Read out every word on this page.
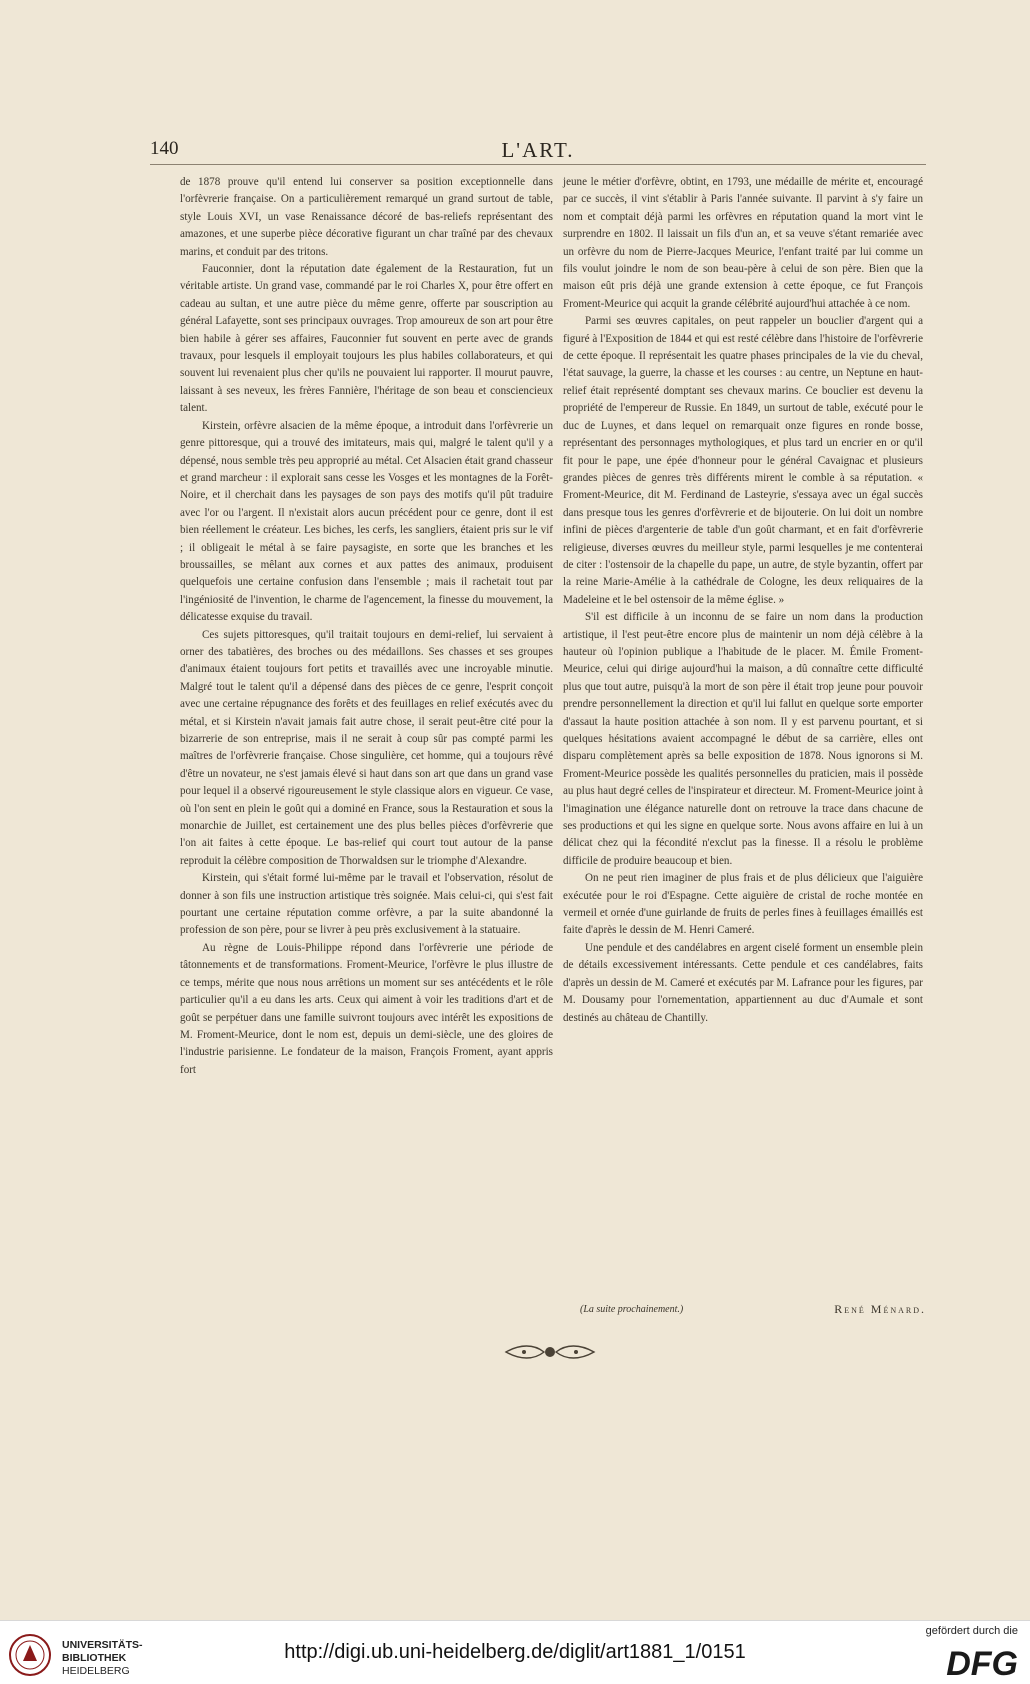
140	L'ART.

de 1878 prouve qu'il entend lui conserver sa position exceptionnelle dans l'orfèvrerie française. On a particulièrement remarqué un grand surtout de table, style Louis XVI, un vase Renaissance décoré de bas-reliefs représentant des amazones, et une superbe pièce décorative figurant un char traîné par des chevaux marins, et conduit par des tritons.

Fauconnier, dont la réputation date également de la Restauration, fut un véritable artiste. Un grand vase, commandé par le roi Charles X, pour être offert en cadeau au sultan, et une autre pièce du même genre, offerte par souscription au général Lafayette, sont ses principaux ouvrages. Trop amoureux de son art pour être bien habile à gérer ses affaires, Fauconnier fut souvent en perte avec de grands travaux, pour lesquels il employait toujours les plus habiles collaborateurs, et qui souvent lui revenaient plus cher qu'ils ne pouvaient lui rapporter. Il mourut pauvre, laissant à ses neveux, les frères Fannière, l'héritage de son beau et consciencieux talent.

Kirstein, orfèvre alsacien de la même époque, a introduit dans l'orfèvrerie un genre pittoresque, qui a trouvé des imitateurs, mais qui, malgré le talent qu'il y a dépensé, nous semble très peu approprié au métal. Cet Alsacien était grand chasseur et grand marcheur : il explorait sans cesse les Vosges et les montagnes de la Forêt-Noire, et il cherchait dans les paysages de son pays des motifs qu'il pût traduire avec l'or ou l'argent. Il n'existait alors aucun précédent pour ce genre, dont il est bien réellement le créateur. Les biches, les cerfs, les sangliers, étaient pris sur le vif ; il obligeait le métal à se faire paysagiste, en sorte que les branches et les broussailles, se mêlant aux cornes et aux pattes des animaux, produisent quelquefois une certaine confusion dans l'ensemble ; mais il rachetait tout par l'ingéniosité de l'invention, le charme de l'agencement, la finesse du mouvement, la délicatesse exquise du travail.

Ces sujets pittoresques, qu'il traitait toujours en demi-relief, lui servaient à orner des tabatières, des broches ou des médaillons. Ses chasses et ses groupes d'animaux étaient toujours fort petits et travaillés avec une incroyable minutie. Malgré tout le talent qu'il a dépensé dans des pièces de ce genre, l'esprit conçoit avec une certaine répugnance des forêts et des feuillages en relief exécutés avec du métal, et si Kirstein n'avait jamais fait autre chose, il serait peut-être cité pour la bizarrerie de son entreprise, mais il ne serait à coup sûr pas compté parmi les maîtres de l'orfèvrerie française. Chose singulière, cet homme, qui a toujours rêvé d'être un novateur, ne s'est jamais élevé si haut dans son art que dans un grand vase pour lequel il a observé rigoureusement le style classique alors en vigueur. Ce vase, où l'on sent en plein le goût qui a dominé en France, sous la Restauration et sous la monarchie de Juillet, est certainement une des plus belles pièces d'orfèvrerie que l'on ait faites à cette époque. Le bas-relief qui court tout autour de la panse reproduit la célèbre composition de Thorwaldsen sur le triomphe d'Alexandre.

Kirstein, qui s'était formé lui-même par le travail et l'observation, résolut de donner à son fils une instruction artistique très soignée. Mais celui-ci, qui s'est fait pourtant une certaine réputation comme orfèvre, a par la suite abandonné la profession de son père, pour se livrer à peu près exclusivement à la statuaire.

Au règne de Louis-Philippe répond dans l'orfèvrerie une période de tâtonnements et de transformations. Froment-Meurice, l'orfèvre le plus illustre de ce temps, mérite que nous nous arrêtions un moment sur ses antécédents et le rôle particulier qu'il a eu dans les arts. Ceux qui aiment à voir les traditions d'art et de goût se perpétuer dans une famille suivront toujours avec intérêt les expositions de M. Froment-Meurice, dont le nom est, depuis un demi-siècle, une des gloires de l'industrie parisienne. Le fondateur de la maison, François Froment, ayant appris fort

jeune le métier d'orfèvre, obtint, en 1793, une médaille de mérite et, encouragé par ce succès, il vint s'établir à Paris l'année suivante. Il parvint à s'y faire un nom et comptait déjà parmi les orfèvres en réputation quand la mort vint le surprendre en 1802. Il laissait un fils d'un an, et sa veuve s'étant remariée avec un orfèvre du nom de Pierre-Jacques Meurice, l'enfant traité par lui comme un fils voulut joindre le nom de son beau-père à celui de son père. Bien que la maison eût pris déjà une grande extension à cette époque, ce fut François Froment-Meurice qui acquit la grande célébrité aujourd'hui attachée à ce nom.

Parmi ses œuvres capitales, on peut rappeler un bouclier d'argent qui a figuré à l'Exposition de 1844 et qui est resté célèbre dans l'histoire de l'orfèvrerie de cette époque. Il représentait les quatre phases principales de la vie du cheval, l'état sauvage, la guerre, la chasse et les courses : au centre, un Neptune en haut-relief était représenté domptant ses chevaux marins. Ce bouclier est devenu la propriété de l'empereur de Russie. En 1849, un surtout de table, exécuté pour le duc de Luynes, et dans lequel on remarquait onze figures en ronde bosse, représentant des personnages mythologiques, et plus tard un encrier en or qu'il fit pour le pape, une épée d'honneur pour le général Cavaignac et plusieurs grandes pièces de genres très différents mirent le comble à sa réputation. « Froment-Meurice, dit M. Ferdinand de Lasteyrie, s'essaya avec un égal succès dans presque tous les genres d'orfèvrerie et de bijouterie. On lui doit un nombre infini de pièces d'argenterie de table d'un goût charmant, et en fait d'orfèvrerie religieuse, diverses œuvres du meilleur style, parmi lesquelles je me contenterai de citer : l'ostensoir de la chapelle du pape, un autre, de style byzantin, offert par la reine Marie-Amélie à la cathédrale de Cologne, les deux reliquaires de la Madeleine et le bel ostensoir de la même église. »

S'il est difficile à un inconnu de se faire un nom dans la production artistique, il l'est peut-être encore plus de maintenir un nom déjà célèbre à la hauteur où l'opinion publique a l'habitude de le placer. M. Émile Froment-Meurice, celui qui dirige aujourd'hui la maison, a dû connaître cette difficulté plus que tout autre, puisqu'à la mort de son père il était trop jeune pour pouvoir prendre personnellement la direction et qu'il lui fallut en quelque sorte emporter d'assaut la haute position attachée à son nom. Il y est parvenu pourtant, et si quelques hésitations avaient accompagné le début de sa carrière, elles ont disparu complètement après sa belle exposition de 1878. Nous ignorons si M. Froment-Meurice possède les qualités personnelles du praticien, mais il possède au plus haut degré celles de l'inspirateur et directeur. M. Froment-Meurice joint à l'imagination une élégance naturelle dont on retrouve la trace dans chacune de ses productions et qui les signe en quelque sorte. Nous avons affaire en lui à un délicat chez qui la fécondité n'exclut pas la finesse. Il a résolu le problème difficile de produire beaucoup et bien.

On ne peut rien imaginer de plus frais et de plus délicieux que l'aiguière exécutée pour le roi d'Espagne. Cette aiguière de cristal de roche montée en vermeil et ornée d'une guirlande de fruits de perles fines à feuillages émaillés est faite d'après le dessin de M. Henri Cameré.

Une pendule et des candélabres en argent ciselé forment un ensemble plein de détails excessivement intéressants. Cette pendule et ces candélabres, faits d'après un dessin de M. Cameré et exécutés par M. Lafrance pour les figures, par M. Dousamy pour l'ornementation, appartiennent au duc d'Aumale et sont destinés au château de Chantilly.

(La suite prochainement.)	René Ménard.
UNIVERSITÄTS-
BIBLIOTHEK
HEIDELBERG
http://digi.ub.uni-heidelberg.de/diglit/art1881_1/0151
gefördert durch die
DFG
